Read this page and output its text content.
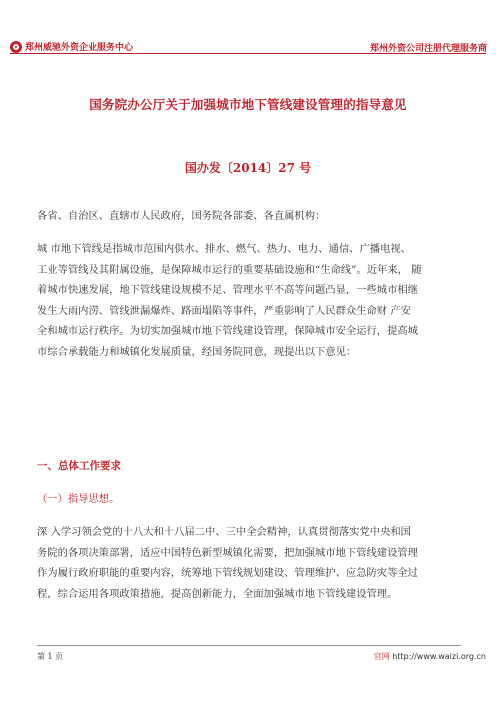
郑州威驰外资企业服务中心	郑州外资公司注册代理服务商
国务院办公厅关于加强城市地下管线建设管理的指导意见
国办发〔2014〕27 号
各省、自治区、直辖市人民政府，国务院各部委、各直属机构：
城 市地下管线是指城市范围内供水、排水、燃气、热力、电力、通信、广播电视、
工业等管线及其附属设施，是保障城市运行的重要基础设施和“生命线”。近年来， 随
着城市快速发展，地下管线建设规模不足、管理水平不高等问题凸显，一些城市相继
发生大雨内涝、管线泄漏爆炸、路面塌陷等事件，严重影响了人民群众生命财 产安
全和城市运行秩序。为切实加强城市地下管线建设管理，保障城市安全运行，提高城
市综合承载能力和城镇化发展质量，经国务院同意，现提出以下意见：
一、总体工作要求
（一）指导思想。
深 入学习领会党的十八大和十八届二中、三中全会精神，认真贯彻落实党中央和国
务院的各项决策部署，适应中国特色新型城镇化需要，把加强城市地下管线建设管理
作为履行政府职能的重要内容，统筹地下管线规划建设、管理维护、应急防灾等全过
程，综合运用各项政策措施，提高创新能力，全面加强城市地下管线建设管理。
第 1 页	官网 http://www.waizi.org.cn
